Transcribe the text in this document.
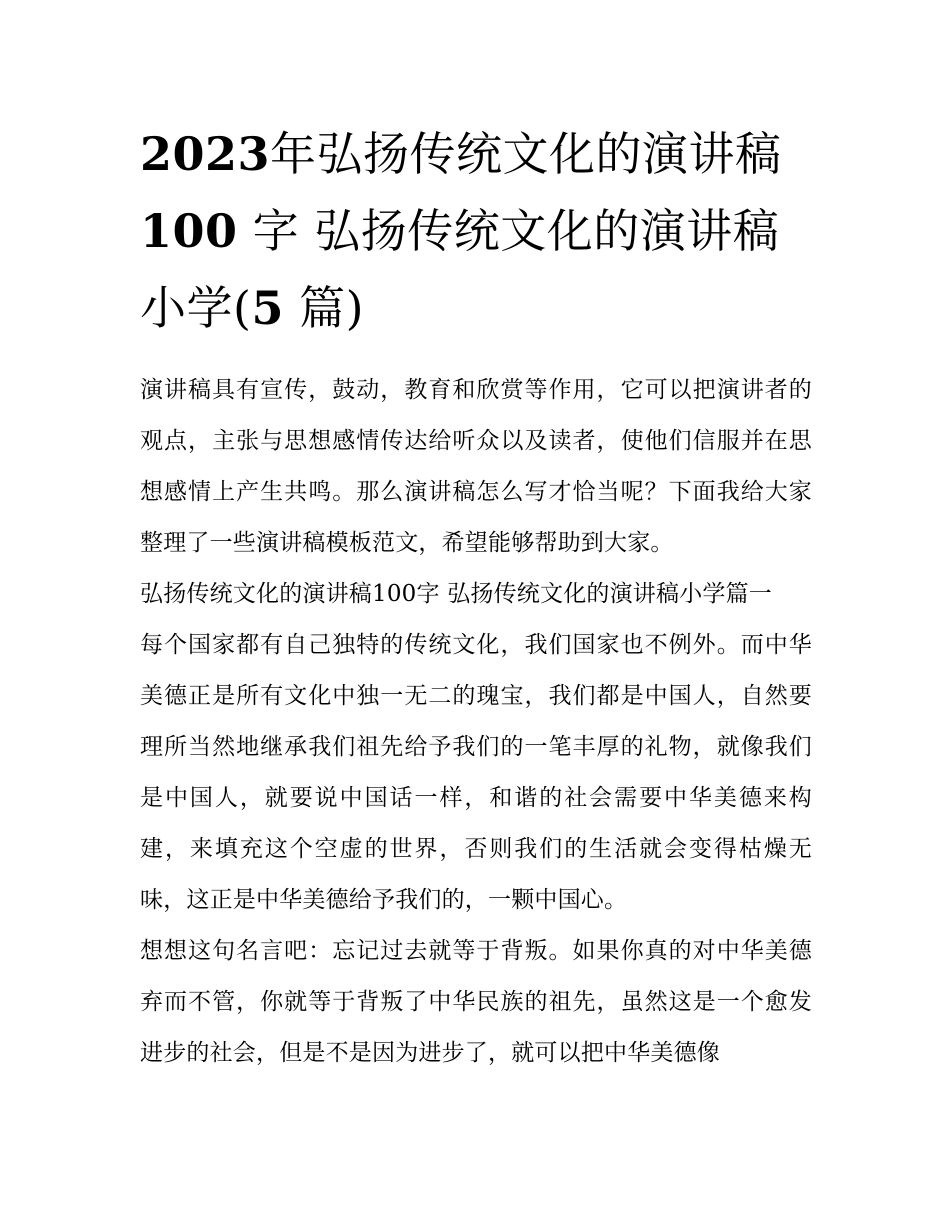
2023年弘扬传统文化的演讲稿
100 字 弘扬传统文化的演讲稿小学(5 篇)

演讲稿具有宣传，鼓动，教育和欣赏等作用，它可以把演讲者的观点，主张与思想感情传达给听众以及读者，使他们信服并在思想感情上产生共鸣。那么演讲稿怎么写才恰当呢？下面我给大家整理了一些演讲稿模板范文，希望能够帮助到大家。

弘扬传统文化的演讲稿100字 弘扬传统文化的演讲稿小学篇一

每个国家都有自己独特的传统文化，我们国家也不例外。而中华美德正是所有文化中独一无二的瑰宝，我们都是中国人，自然要理所当然地继承我们祖先给予我们的一笔丰厚的礼物，就像我们是中国人，就要说中国话一样，和谐的社会需要中华美德来构建，来填充这个空虚的世界，否则我们的生活就会变得枯燥无味，这正是中华美德给予我们的，一颗中国心。

想想这句名言吧：忘记过去就等于背叛。如果你真的对中华美德弃而不管，你就等于背叛了中华民族的祖先，虽然这是一个愈发进步的社会，但是不是因为进步了，就可以把中华美德像
